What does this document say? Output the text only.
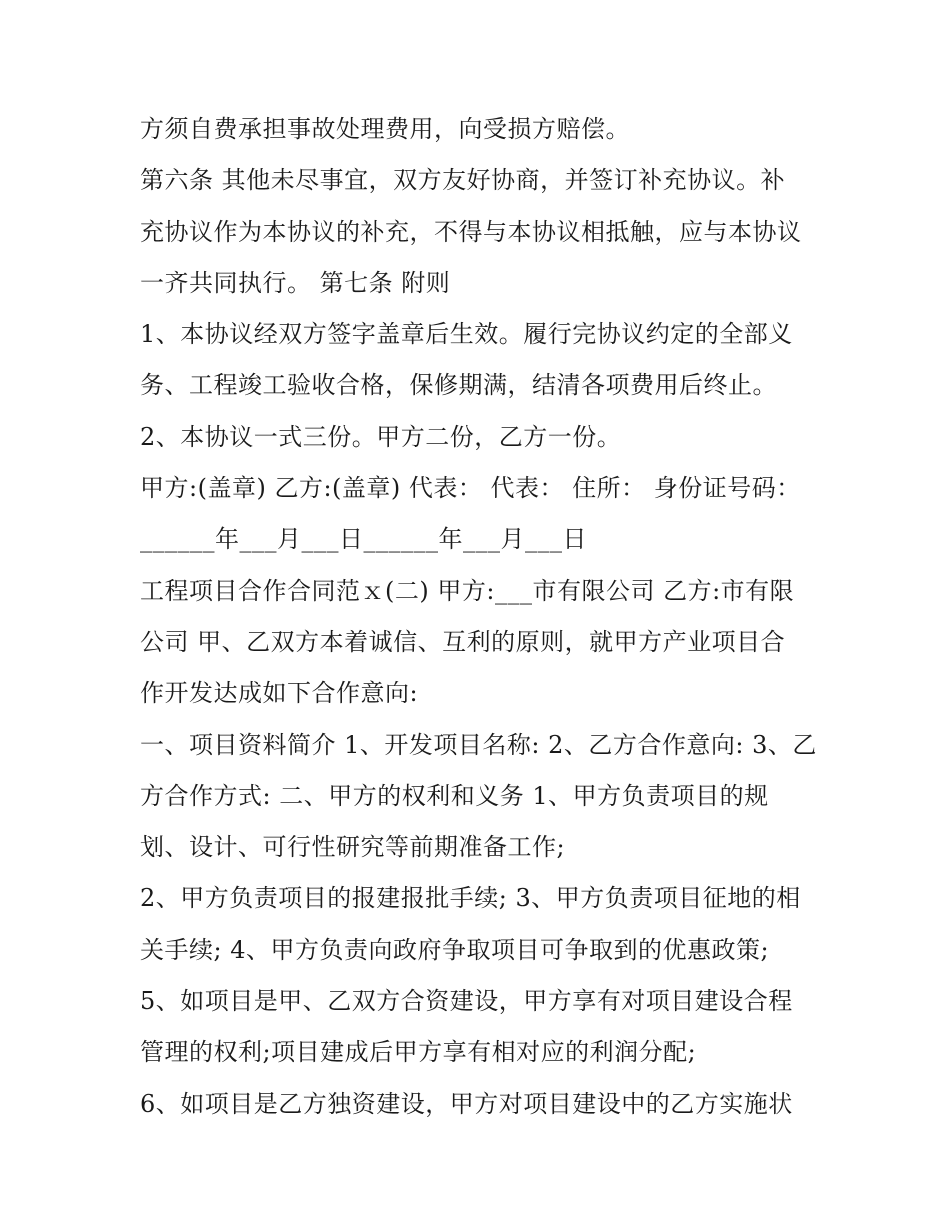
方须自费承担事故处理费用，向受损方赔偿。
第六条 其他未尽事宜，双方友好协商，并签订补充协议。补
充协议作为本协议的补充，不得与本协议相抵触，应与本协议
一齐共同执行。 第七条 附则
1、本协议经双方签字盖章后生效。履行完协议约定的全部义
务、工程竣工验收合格，保修期满，结清各项费用后终止。
2、本协议一式三份。甲方二份，乙方一份。
甲方:(盖章) 乙方:(盖章) 代表： 代表： 住所： 身份证号码：
______年___月___日______年___月___日
工程项目合作合同范ｘ(二) 甲方:___市有限公司 乙方:市有限
公司 甲、乙双方本着诚信、互利的原则，就甲方产业项目合
作开发达成如下合作意向:
一、项目资料简介 1、开发项目名称: 2、乙方合作意向: 3、乙
方合作方式: 二、甲方的权利和义务 1、甲方负责项目的规
划、设计、可行性研究等前期准备工作;
2、甲方负责项目的报建报批手续; 3、甲方负责项目征地的相
关手续; 4、甲方负责向政府争取项目可争取到的优惠政策;
5、如项目是甲、乙双方合资建设，甲方享有对项目建设合程
管理的权利;项目建成后甲方享有相对应的利润分配;
6、如项目是乙方独资建设，甲方对项目建设中的乙方实施状
